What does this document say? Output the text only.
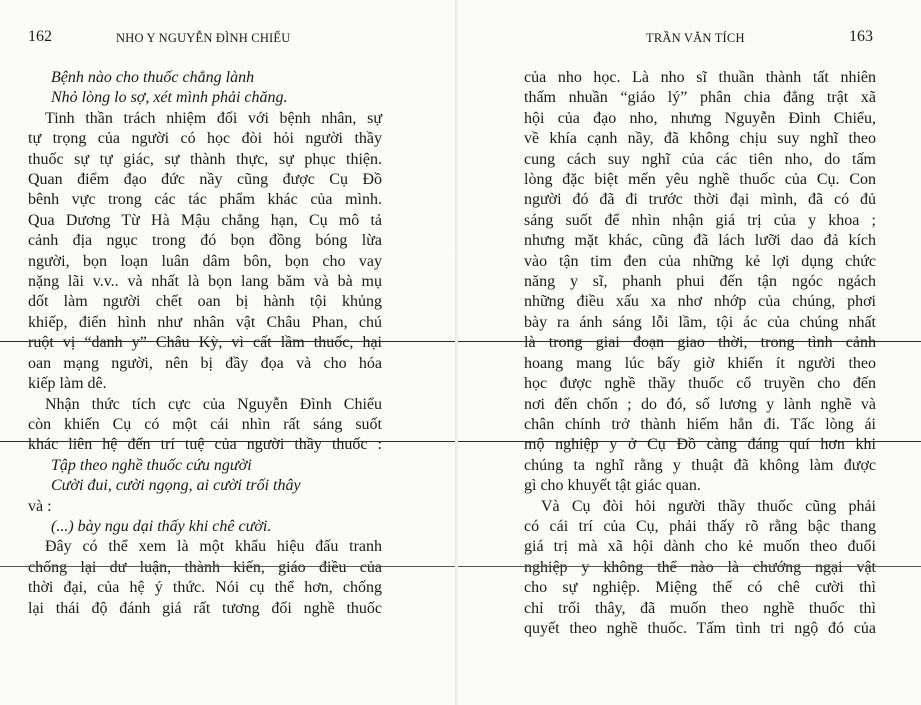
162	NHO Y NGUYỄN ĐÌNH CHIỂU
Bệnh nào cho thuốc chẳng lành
Nhỏ lòng lo sợ, xét mình phải chăng.
Tinh thần trách nhiệm đối với bệnh nhân, sự
tự trọng của người có học đòi hỏi người thầy
thuốc sự tự giác, sự thành thực, sự phục thiện.
Quan điểm đạo đức nầy cũng được Cụ Đồ
bênh vực trong các tác phẩm khác của mình.
Qua Dương Từ Hà Mậu chẳng hạn, Cụ mô tả
cảnh địa ngục trong đó bọn đồng bóng lừa
người, bọn loạn luân dâm bôn, bọn cho vay
nặng lãi v.v.. và nhất là bọn lang băm và bà mụ
dốt làm người chết oan bị hành tội khủng
khiếp, điển hình như nhân vật Châu Phan, chú
ruột vị “danh y” Châu Kỳ, vì cất lầm thuốc, hại
oan mạng người, nên bị đầy đọa và cho hóa
kiếp làm dê.
Nhận thức tích cực của Nguyễn Đình Chiểu
còn khiến Cụ có một cái nhìn rất sáng suốt
khác liên hệ đến trí tuệ của người thầy thuốc :
Tập theo nghề thuốc cứu người
Cười đui, cười ngọng, ai cười trối thây
và :
(...) bày ngu dại thấy khi chê cười.
Đây có thể xem là một khẩu hiệu đấu tranh
chống lại dư luận, thành kiến, giáo điều của
thời đại, của hệ ý thức. Nói cụ thể hơn, chống
lại thái độ đánh giá rất tương đối nghề thuốc
TRẦN VĂN TÍCH	163
của nho học. Là nho sĩ thuần thành tất nhiên
thấm nhuần “giáo lý” phân chia đẳng trật xã
hội của đạo nho, nhưng Nguyễn Đình Chiểu,
về khía cạnh nầy, đã không chịu suy nghĩ theo
cung cách suy nghĩ của các tiên nho, do tấm
lòng đặc biệt mến yêu nghề thuốc của Cụ. Con
người đó đã đi trước thời đại mình, đã có đủ
sáng suốt để nhìn nhận giá trị của y khoa ;
nhưng mặt khác, cũng đã lách lưỡi dao đả kích
vào tận tim đen của những kẻ lợi dụng chức
năng y sĩ, phanh phui đến tận ngóc ngách
những điều xấu xa nhơ nhớp của chúng, phơi
bày ra ánh sáng lỗi lầm, tội ác của chúng nhất
là trong giai đoạn giao thời, trong tình cảnh
hoang mang lúc bấy giờ khiến ít người theo
học được nghề thầy thuốc cổ truyền cho đến
nơi đến chốn ; do đó, số lương y lành nghề và
chân chính trở thành hiếm hẳn đi. Tấc lòng ái
mộ nghiệp y ở Cụ Đồ càng đáng quí hơn khi
chúng ta nghĩ rằng y thuật đã không làm được
gì cho khuyết tật giác quan.
Và Cụ đòi hỏi người thầy thuốc cũng phải
có cái trí của Cụ, phải thấy rõ rằng bậc thang
giá trị mà xã hội dành cho kẻ muốn theo đuổi
nghiệp y không thể nào là chướng ngại vật
cho sự nghiệp. Miệng thế có chê cười thì
chỉ trối thây, đã muốn theo nghề thuốc thì
quyết theo nghề thuốc. Tấm tình tri ngộ đó của
